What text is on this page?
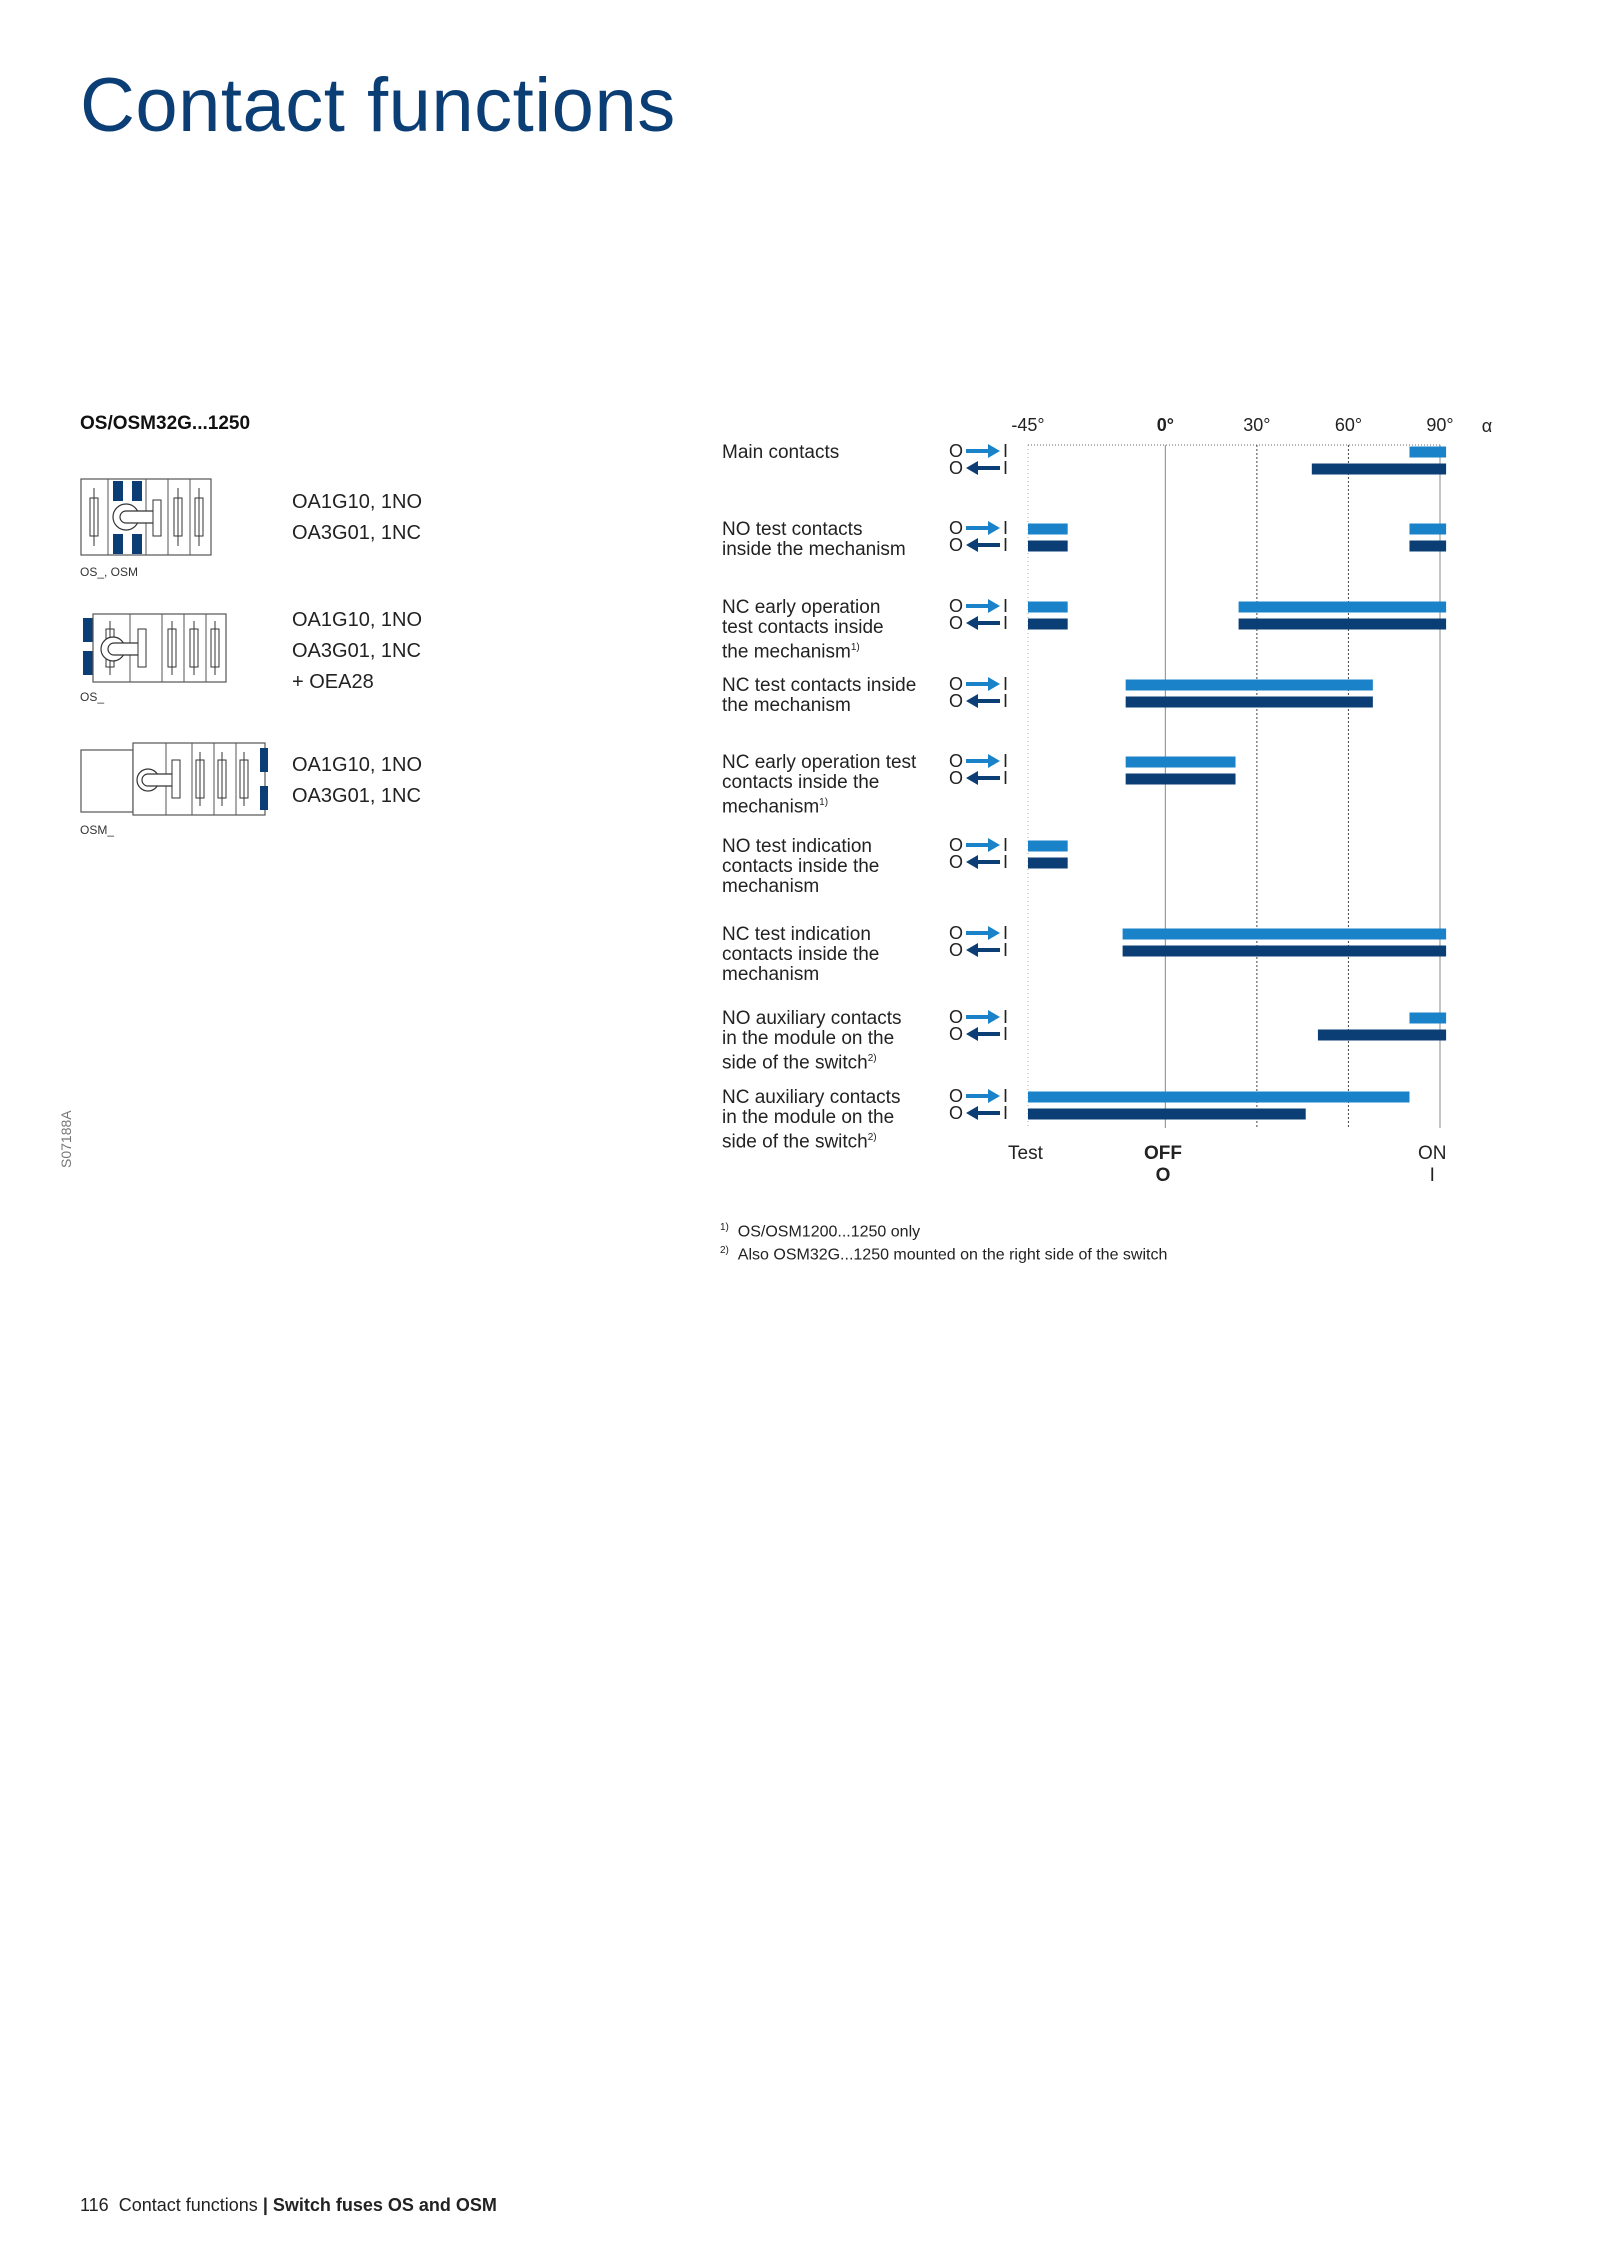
Contact functions
OS/OSM32G...1250
OS_, OSM
OA1G10, 1NO
OA3G01, 1NC
OS_
OA1G10, 1NO
OA3G01, 1NC
+ OEA28
OSM_
OA1G10, 1NO
OA3G01, 1NC
S07188A
Main contacts
NO test contacts
inside the mechanism
NC early operation
test contacts inside
the mechanism$^{1)}$
NC test contacts inside
the mechanism
NC early operation test
contacts inside the
mechanism$^{1)}$
NO test indication
contacts inside the
mechanism
NC test indication
contacts inside the
mechanism
NO auxiliary contacts
in the module on the
side of the switch$^{2)}$
NC auxiliary contacts
in the module on the
side of the switch$^{2)}$
O I
O I
O I
O I
O I
O I
O I
O I
O I
O I
O I
O I
O I
O I
O I
O I
O I
O I
-45°	0°	30°	60°	90° α
Test	OFF
O
ON
I
$^{1)}$ OS/OSM1200...1250 only
$^{2)}$ Also OSM32G...1250 mounted on the right side of the switch
116 Contact functions | Switch fuses OS and OSM
